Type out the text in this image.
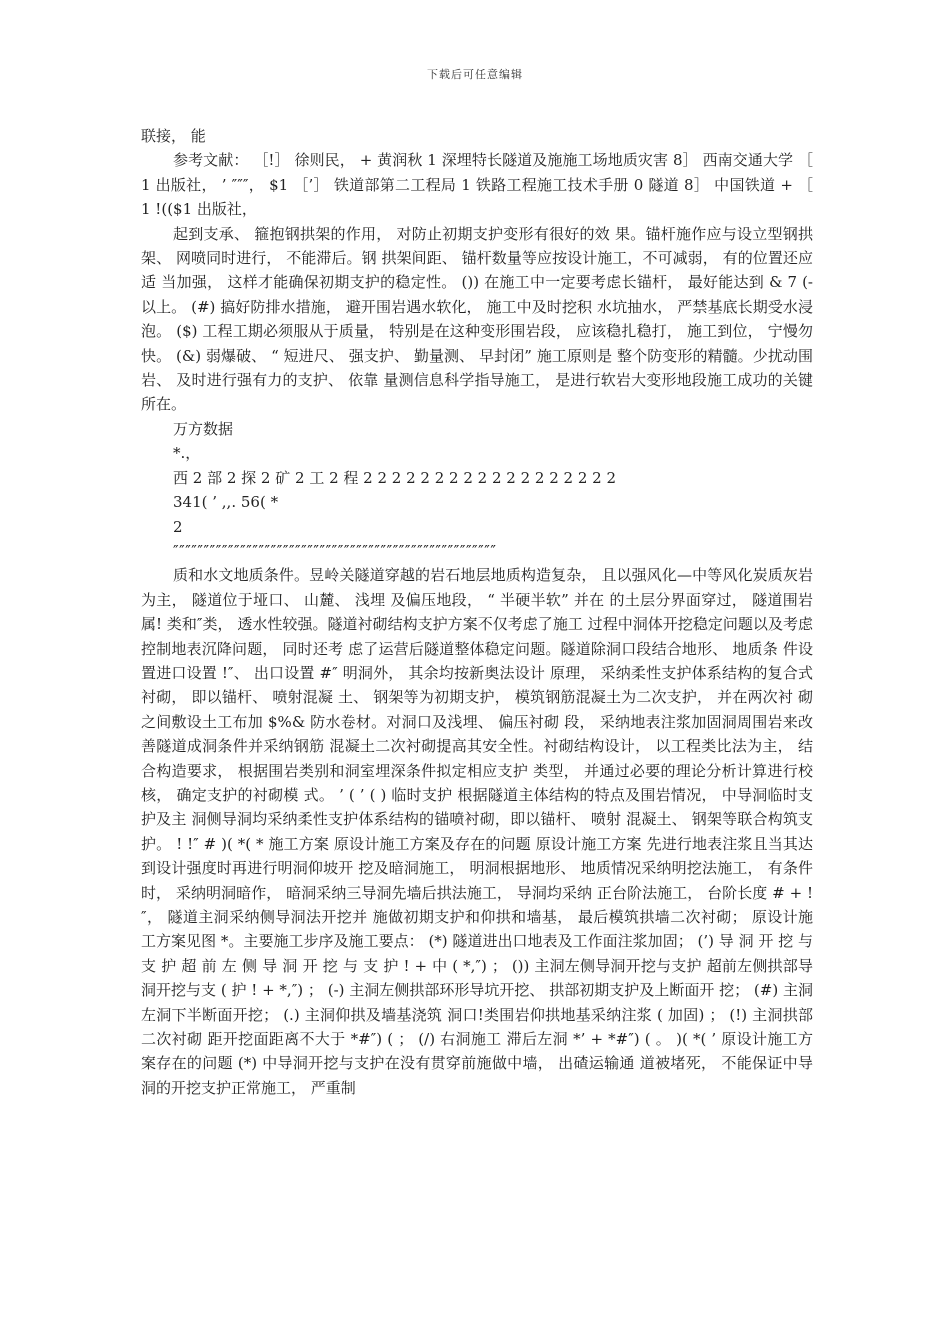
下载后可任意编辑

联接， 能

参考文献： ［!］ 徐则民， + 黄润秋 1 深埋特长隧道及施施工场地质灾害 8］ 西南交通大学 ［ 1 出版社， ’ ″″″， $1 ［’］ 铁道部第二工程局 1 铁路工程施工技术手册 0 隧道 8］ 中国铁道 + ［ 1 !(($1 出版社，

起到支承、 箍抱钢拱架的作用， 对防止初期支护变形有很好的效 果。锚杆施作应与设立型钢拱架、 网喷同时进行， 不能滞后。钢 拱架间距、 锚杆数量等应按设计施工，不可减弱， 有的位置还应适 当加强， 这样才能确保初期支护的稳定性。 ()) 在施工中一定要考虑长锚杆， 最好能达到 & 7 (- 以上。 (#) 搞好防排水措施， 避开围岩遇水软化， 施工中及时挖积 水坑抽水， 严禁基底长期受水浸泡。 ($) 工程工期必须服从于质量， 特别是在这种变形围岩段， 应该稳扎稳打， 施工到位， 宁慢勿快。 (&) 弱爆破、 “ 短进尺、 强支护、 勤量测、 早封闭” 施工原则是 整个防变形的精髓。少扰动围岩、 及时进行强有力的支护、 依靠 量测信息科学指导施工， 是进行软岩大变形地段施工成功的关键 所在。

万方数据

*.，

西 2 部 2 探 2 矿 2 工 2 程 2 2 2 2 2 2 2 2 2 2 2 2 2 2 2 2 2 2

341( ’ ,,. 56( *

2

″″″″″″″″″″″″″″″″″″″″″″″″″″″″″″″″″″″″″″″″″″″″″″″″″″″″″

质和水文地质条件。昱岭关隧道穿越的岩石地层地质构造复杂， 且以强风化—中等风化炭质灰岩为主， 隧道位于垭口、 山麓、 浅埋 及偏压地段， “ 半硬半软” 并在 的土层分界面穿过， 隧道围岩属! 类和″类， 透水性较强。隧道衬砌结构支护方案不仅考虑了施工 过程中洞体开挖稳定问题以及考虑控制地表沉降问题， 同时还考 虑了运营后隧道整体稳定问题。隧道除洞口段结合地形、 地质条 件设置进口设置 !″、 出口设置 #″ 明洞外， 其余均按新奥法设计 原理， 采纳柔性支护体系结构的复合式衬砌， 即以锚杆、 喷射混凝 土、 钢架等为初期支护， 模筑钢筋混凝土为二次支护， 并在两次衬 砌之间敷设土工布加 $%& 防水卷材。对洞口及浅埋、 偏压衬砌 段， 采纳地表注浆加固洞周围岩来改善隧道成洞条件并采纳钢筋 混凝土二次衬砌提高其安全性。衬砌结构设计， 以工程类比法为主， 结合构造要求， 根据围岩类别和洞室埋深条件拟定相应支护 类型， 并通过必要的理论分析计算进行校核， 确定支护的衬砌模 式。 ’ ( ’ ( ) 临时支护 根据隧道主体结构的特点及围岩情况， 中导洞临时支护及主 洞侧导洞均采纳柔性支护体系结构的锚喷衬砌，即以锚杆、 喷射 混凝土、 钢架等联合构筑支护。 ! !″ # )( *( * 施工方案 原设计施工方案及存在的问题 原设计施工方案 先进行地表注浆且当其达到设计强度时再进行明洞仰坡开 挖及暗洞施工， 明洞根据地形、 地质情况采纳明挖法施工， 有条件 时， 采纳明洞暗作， 暗洞采纳三导洞先墙后拱法施工， 导洞均采纳 正台阶法施工， 台阶长度 # + !″， 隧道主洞采纳侧导洞法开挖并 施做初期支护和仰拱和墙基， 最后模筑拱墙二次衬砌； 原设计施 工方案见图 *。主要施工步序及施工要点： (*) 隧道进出口地表及工作面注浆加固； (’) 导 洞 开 挖 与 支 护 超 前 左 侧 导 洞 开 挖 与 支 护 ! + 中 ( *,″) ； ()) 主洞左侧导洞开挖与支护 超前左侧拱部导洞开挖与支 ( 护 ! + *,″) ； (-) 主洞左侧拱部环形导坑开挖、 拱部初期支护及上断面开 挖； (#) 主洞左洞下半断面开挖； (.) 主洞仰拱及墙基浇筑 洞口!类围岩仰拱地基采纳注浆 ( 加固) ； (!) 主洞拱部二次衬砌 距开挖面距离不大于 *#″) ( ； (/) 右洞施工 滞后左洞 *’ + *#″) ( 。 )( *( ’ 原设计施工方案存在的问题 (*) 中导洞开挖与支护在没有贯穿前施做中墙， 出碴运输通 道被堵死， 不能保证中导洞的开挖支护正常施工， 严重制
